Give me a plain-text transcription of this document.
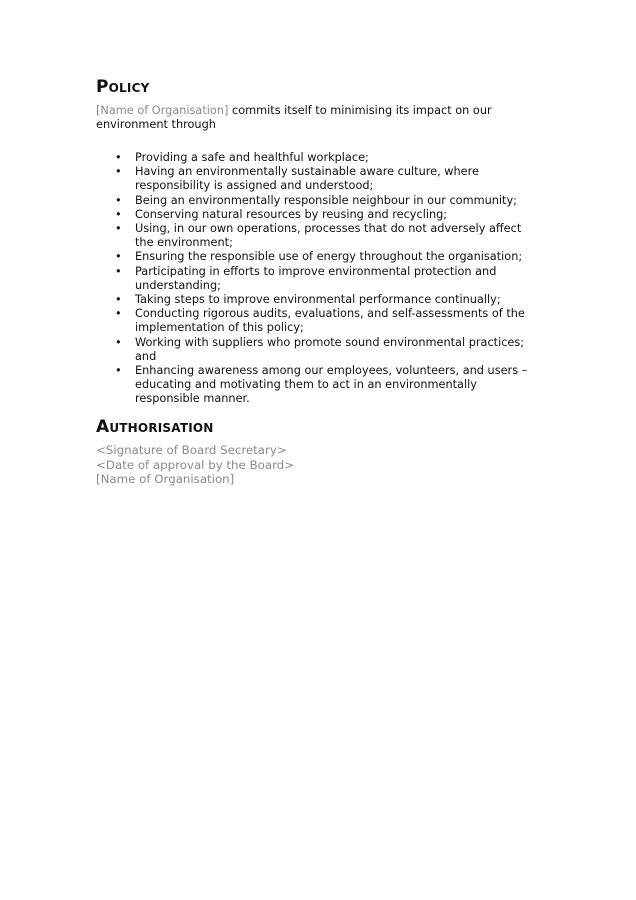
Policy
[Name of Organisation] commits itself to minimising its impact on our environment through
• Providing a safe and healthful workplace;
• Having an environmentally sustainable aware culture, where responsibility is assigned and understood;
• Being an environmentally responsible neighbour in our community;
• Conserving natural resources by reusing and recycling;
• Using, in our own operations, processes that do not adversely affect the environment;
• Ensuring the responsible use of energy throughout the organisation;
• Participating in efforts to improve environmental protection and understanding;
• Taking steps to improve environmental performance continually;
• Conducting rigorous audits, evaluations, and self-assessments of the implementation of this policy;
• Working with suppliers who promote sound environmental practices; and
• Enhancing awareness among our employees, volunteers, and users – educating and motivating them to act in an environmentally responsible manner.
Authorisation
<Signature of Board Secretary>
<Date of approval by the Board>
[Name of Organisation]
